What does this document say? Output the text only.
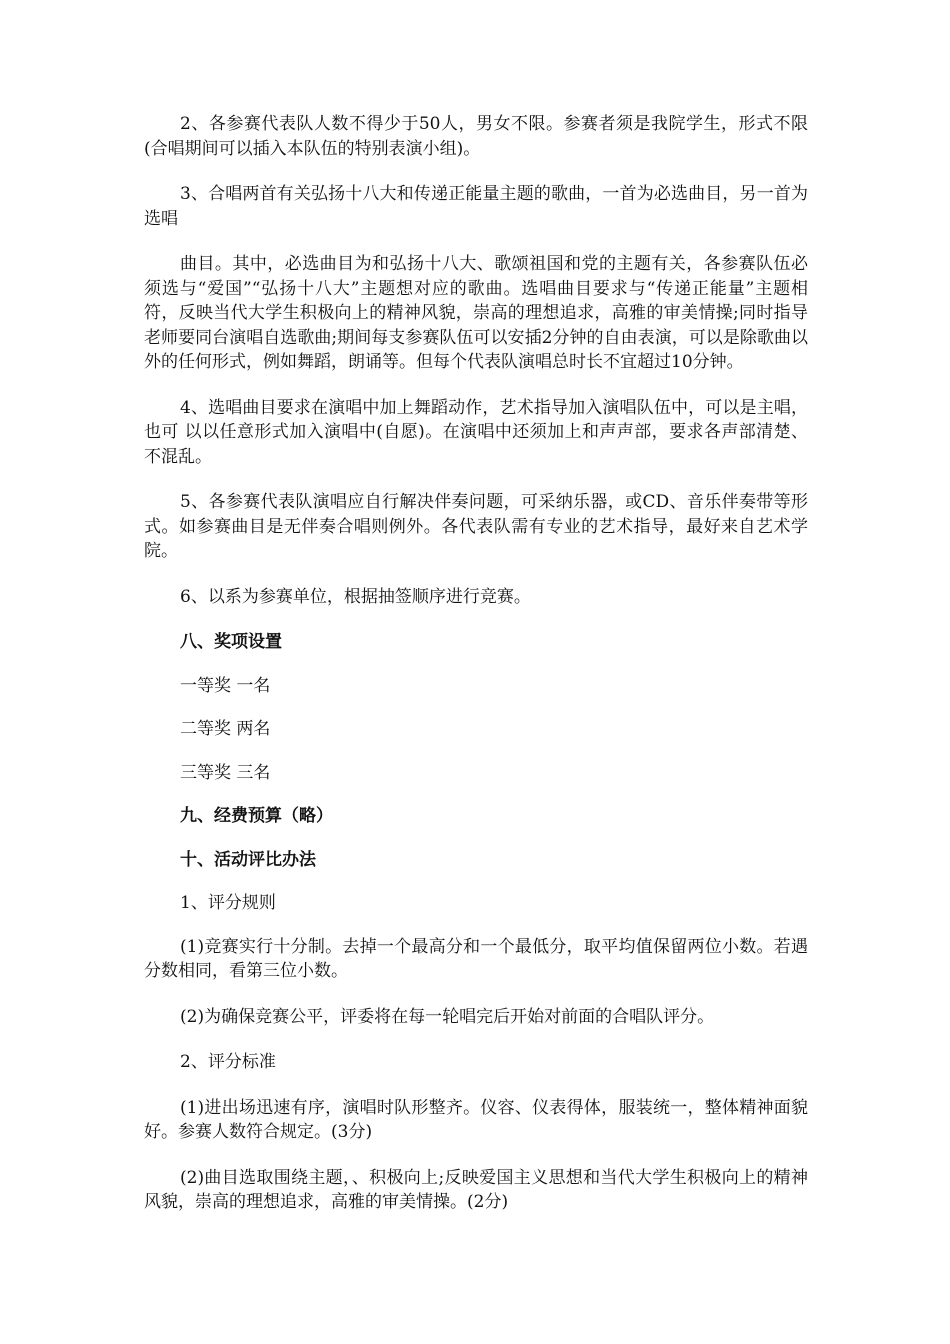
2、各参赛代表队人数不得少于50人，男女不限。参赛者须是我院学生，形式不限(合唱期间可以插入本队伍的特别表演小组)。

3、合唱两首有关弘扬十八大和传递正能量主题的歌曲，一首为必选曲目，另一首为选唱

曲目。其中，必选曲目为和弘扬十八大、歌颂祖国和党的主题有关，各参赛队伍必须选与“爱国”“弘扬十八大”主题想对应的歌曲。选唱曲目要求与“传递正能量”主题相符，反映当代大学生积极向上的精神风貌，崇高的理想追求，高雅的审美情操;同时指导老师要同台演唱自选歌曲;期间每支参赛队伍可以安插2分钟的自由表演，可以是除歌曲以外的任何形式，例如舞蹈，朗诵等。但每个代表队演唱总时长不宜超过10分钟。

4、选唱曲目要求在演唱中加上舞蹈动作，艺术指导加入演唱队伍中，可以是主唱，也可 以以任意形式加入演唱中(自愿)。在演唱中还须加上和声声部，要求各声部清楚、不混乱。

5、各参赛代表队演唱应自行解决伴奏问题，可采纳乐器，或CD、音乐伴奏带等形式。如参赛曲目是无伴奏合唱则例外。各代表队需有专业的艺术指导，最好来自艺术学院。

6、以系为参赛单位，根据抽签顺序进行竞赛。

八、奖项设置

一等奖 一名

二等奖 两名

三等奖 三名

九、经费预算（略）

十、活动评比办法

1、评分规则

(1)竞赛实行十分制。去掉一个最高分和一个最低分，取平均值保留两位小数。若遇分数相同，看第三位小数。

(2)为确保竞赛公平，评委将在每一轮唱完后开始对前面的合唱队评分。

2、评分标准

(1)进出场迅速有序，演唱时队形整齐。仪容、仪表得体，服装统一，整体精神面貌好。参赛人数符合规定。(3分)

(2)曲目选取围绕主题，、积极向上;反映爱国主义思想和当代大学生积极向上的精神风貌，崇高的理想追求，高雅的审美情操。(2分)
